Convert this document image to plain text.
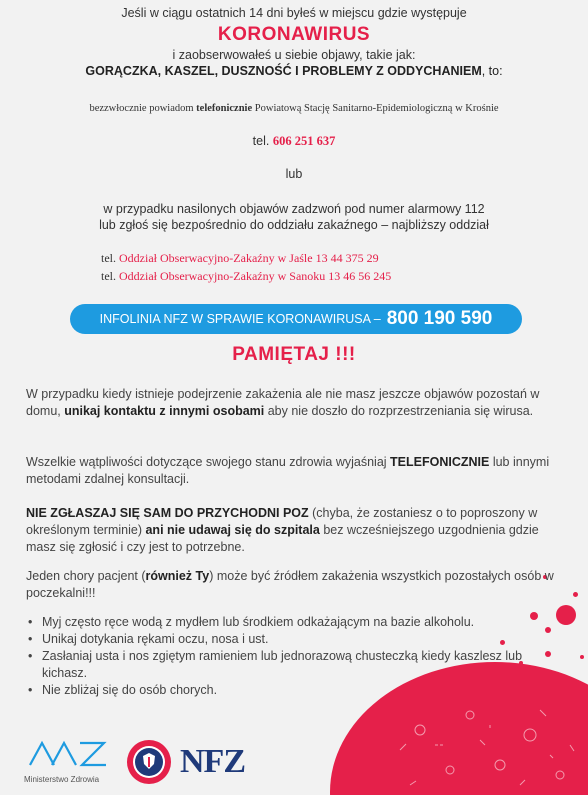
Jeśli w ciągu ostatnich 14 dni byłeś w miejscu gdzie występuje
KORONAWIRUS
i zaobserwowałeś u siebie objawy, takie jak:
GORĄCZKA, KASZEL, DUSZNOŚĆ I PROBLEMY Z ODDYCHANIEM, to:
bezzwłocznie powiadom telefonicznie Powiatową Stację Sanitarno-Epidemiologiczną w Krośnie
tel. 606 251 637
lub
w przypadku nasilonych objawów zadzwoń pod numer alarmowy 112
lub zgłoś się bezpośrednio do oddziału zakaźnego – najbliższy oddział
tel. Oddział Obserwacyjno-Zakaźny w Jaśle 13 44 375 29
tel. Oddział Obserwacyjno-Zakaźny w Sanoku 13 46 56 245
INFOLINIA NFZ W SPRAWIE KORONAWIRUSA – 800 190 590
PAMIĘTAJ !!!
W przypadku kiedy istnieje podejrzenie zakażenia ale nie masz jeszcze objawów pozostań w domu, unikaj kontaktu z innymi osobami aby nie doszło do rozprzestrzeniania się wirusa.
Wszelkie wątpliwości dotyczące swojego stanu zdrowia wyjaśniaj TELEFONICZNIE lub innymi metodami zdalnej konsultacji.
NIE ZGŁASZAJ SIĘ SAM DO PRZYCHODNI POZ (chyba, że zostaniesz o to poproszony w określonym terminie) ani nie udawaj się do szpitala bez wcześniejszego uzgodnienia gdzie masz się zgłosić i czy jest to potrzebne.
Jeden chory pacjent (również Ty) może być źródłem zakażenia wszystkich pozostałych osób w poczekalni!!!
• Myj często ręce wodą z mydłem lub środkiem odkażającym na bazie alkoholu.
• Unikaj dotykania rękami oczu, nosa i ust.
• Zasłaniaj usta i nos zgiętym ramieniem lub jednorazową chusteczką kiedy kaszlesz lub kichasz.
• Nie zbliżaj się do osób chorych.
Ministerstwo Zdrowia NFZ
